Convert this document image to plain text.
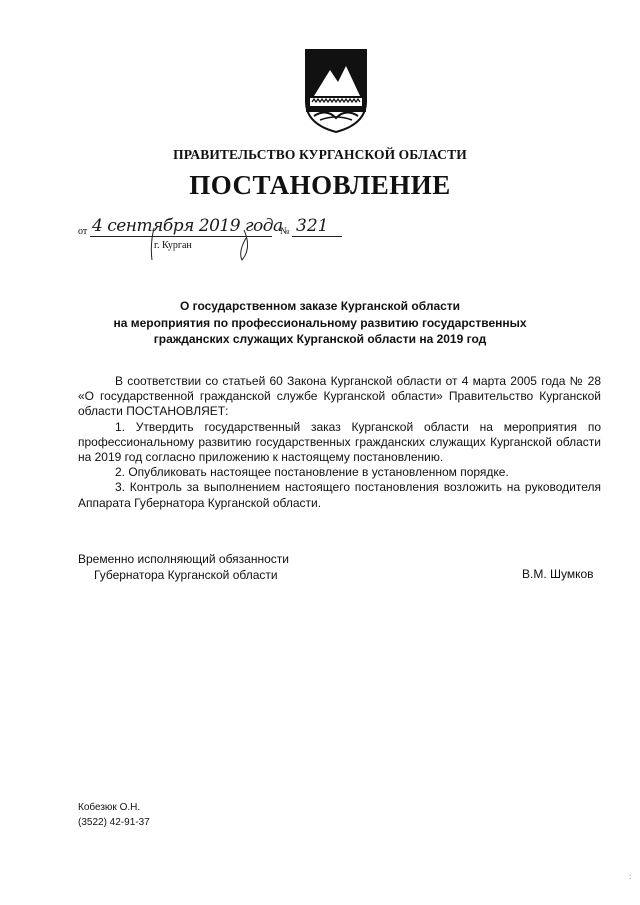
ПРАВИТЕЛЬСТВО КУРГАНСКОЙ ОБЛАСТИ
ПОСТАНОВЛЕНИЕ
от 4 сентября 2019 года
№ 321
г. Курган
О государственном заказе Курганской области
на мероприятия по профессиональному развитию государственных
гражданских служащих Курганской области на 2019 год

В соответствии со статьей 60 Закона Курганской области от 4 марта 2005 года № 28 «О государственной гражданской службе Курганской области» Правительство Курганской области ПОСТАНОВЛЯЕТ:

1. Утвердить государственный заказ Курганской области на мероприятия по профессиональному развитию государственных гражданских служащих Курганской области на 2019 год согласно приложению к настоящему постановлению.

2. Опубликовать настоящее постановление в установленном порядке.

3. Контроль за выполнением настоящего постановления возложить на руководителя Аппарата Губернатора Курганской области.

Временно исполняющий обязанности
Губернатора Курганской области	В.М. Шумков
Кобезюк О.Н.
(3522) 42-91-37
:
